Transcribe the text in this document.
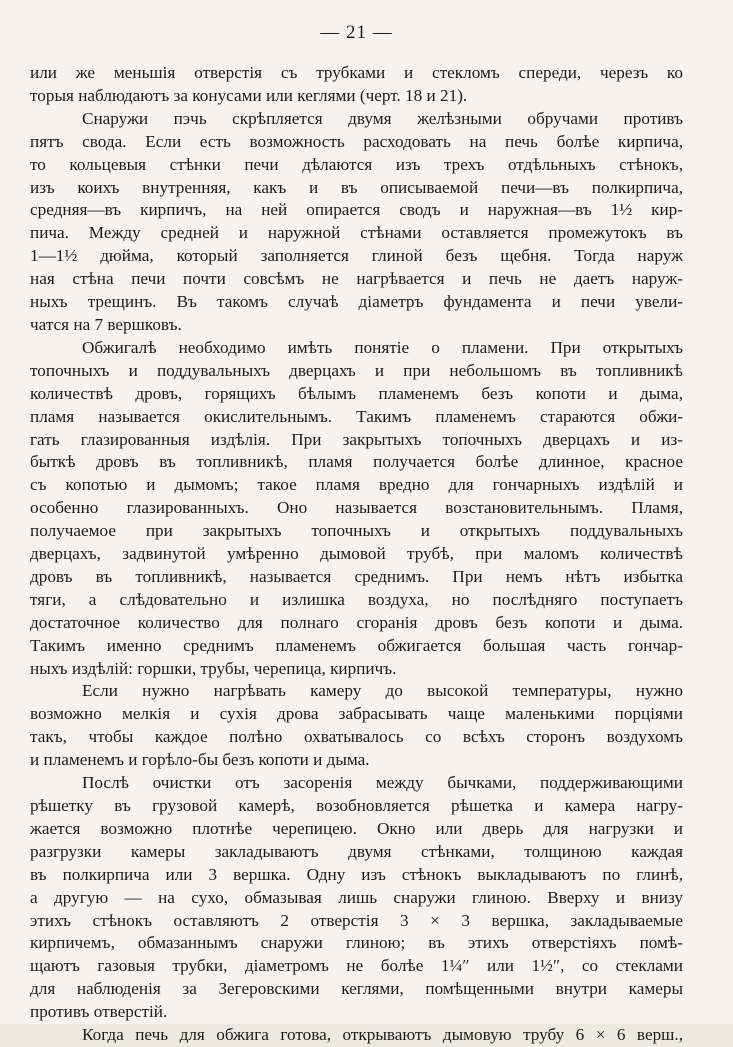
— 21 —
или же меньшія отверстія съ трубками и стекломъ спереди, черезъ ко
торыя наблюдаютъ за конусами или кеглями (черт. 18 и 21).
Снаружи пэчь скрѣпляется двумя желѣзными обручами противъ
пятъ свода. Если есть возможность расходовать на печь болѣе кирпича,
то кольцевыя стѣнки печи дѣлаются изъ трехъ отдѣльныхъ стѣнокъ,
изъ коихъ внутренняя, какъ и въ описываемой печи—въ полкирпича,
средняя—въ кирпичъ, на ней опирается сводъ и наружная—въ 1½ кир-
пича. Между средней и наружной стѣнами оставляется промежутокъ въ
1—1½ дюйма, который заполняется глиной безъ щебня. Тогда наруж
ная стѣна печи почти совсѣмъ не нагрѣвается и печь не даетъ наруж-
ныхъ трещинъ. Въ такомъ случаѣ діаметръ фундамента и печи увели-
чатся на 7 вершковъ.
Обжигалѣ необходимо имѣть понятіе о пламени. При открытыхъ
топочныхъ и поддувальныхъ дверцахъ и при небольшомъ въ топливникѣ
количествѣ дровъ, горящихъ бѣлымъ пламенемъ безъ копоти и дыма,
пламя называется окислительнымъ. Такимъ пламенемъ стараются обжи-
гать глазированныя издѣлія. При закрытыхъ топочныхъ дверцахъ и из-
быткѣ дровъ въ топливникѣ, пламя получается болѣе длинное, красное
съ копотью и дымомъ; такое пламя вредно для гончарныхъ издѣлій и
особенно глазированныхъ. Оно называется возстановительнымъ. Пламя,
получаемое при закрытыхъ топочныхъ и открытыхъ поддувальныхъ
дверцахъ, задвинутой умѣренно дымовой трубѣ, при маломъ количествѣ
дровъ въ топливникѣ, называется среднимъ. При немъ нѣтъ избытка
тяги, а слѣдовательно и излишка воздуха, но послѣдняго поступаетъ
достаточное количество для полнаго сгоранія дровъ безъ копоти и дыма.
Такимъ именно среднимъ пламенемъ обжигается большая часть гончар-
ныхъ издѣлій: горшки, трубы, черепица, кирпичъ.
Если нужно нагрѣвать камеру до высокой температуры, нужно
возможно мелкія и сухія дрова забрасывать чаще маленькими порціями
такъ, чтобы каждое полѣно охватывалось со всѣхъ сторонъ воздухомъ
и пламенемъ и горѣло-бы безъ копоти и дыма.
Послѣ очистки отъ засоренія между бычками, поддерживающими
рѣшетку въ грузовой камерѣ, возобновляется рѣшетка и камера нагру-
жается возможно плотнѣе черепицею. Окно или дверь для нагрузки и
разгрузки камеры закладываютъ двумя стѣнками, толщиною каждая
въ полкирпича или 3 вершка. Одну изъ стѣнокъ выкладываютъ по глинѣ,
а другую — на сухо, обмазывая лишь снаружи глиною. Вверху и внизу
этихъ стѣнокъ оставляютъ 2 отверстія 3 × 3 вершка, закладываемые
кирпичемъ, обмазаннымъ снаружи глиною; въ этихъ отверстіяхъ помѣ-
щаютъ газовыя трубки, діаметромъ не болѣе 1¼″ или 1½″, со стеклами
для наблюденія за Зегеровскими кеглями, помѣщенными внутри камеры
противъ отверстій.
Когда печь для обжига готова, открываютъ дымовую трубу 6 × 6 верш.,
